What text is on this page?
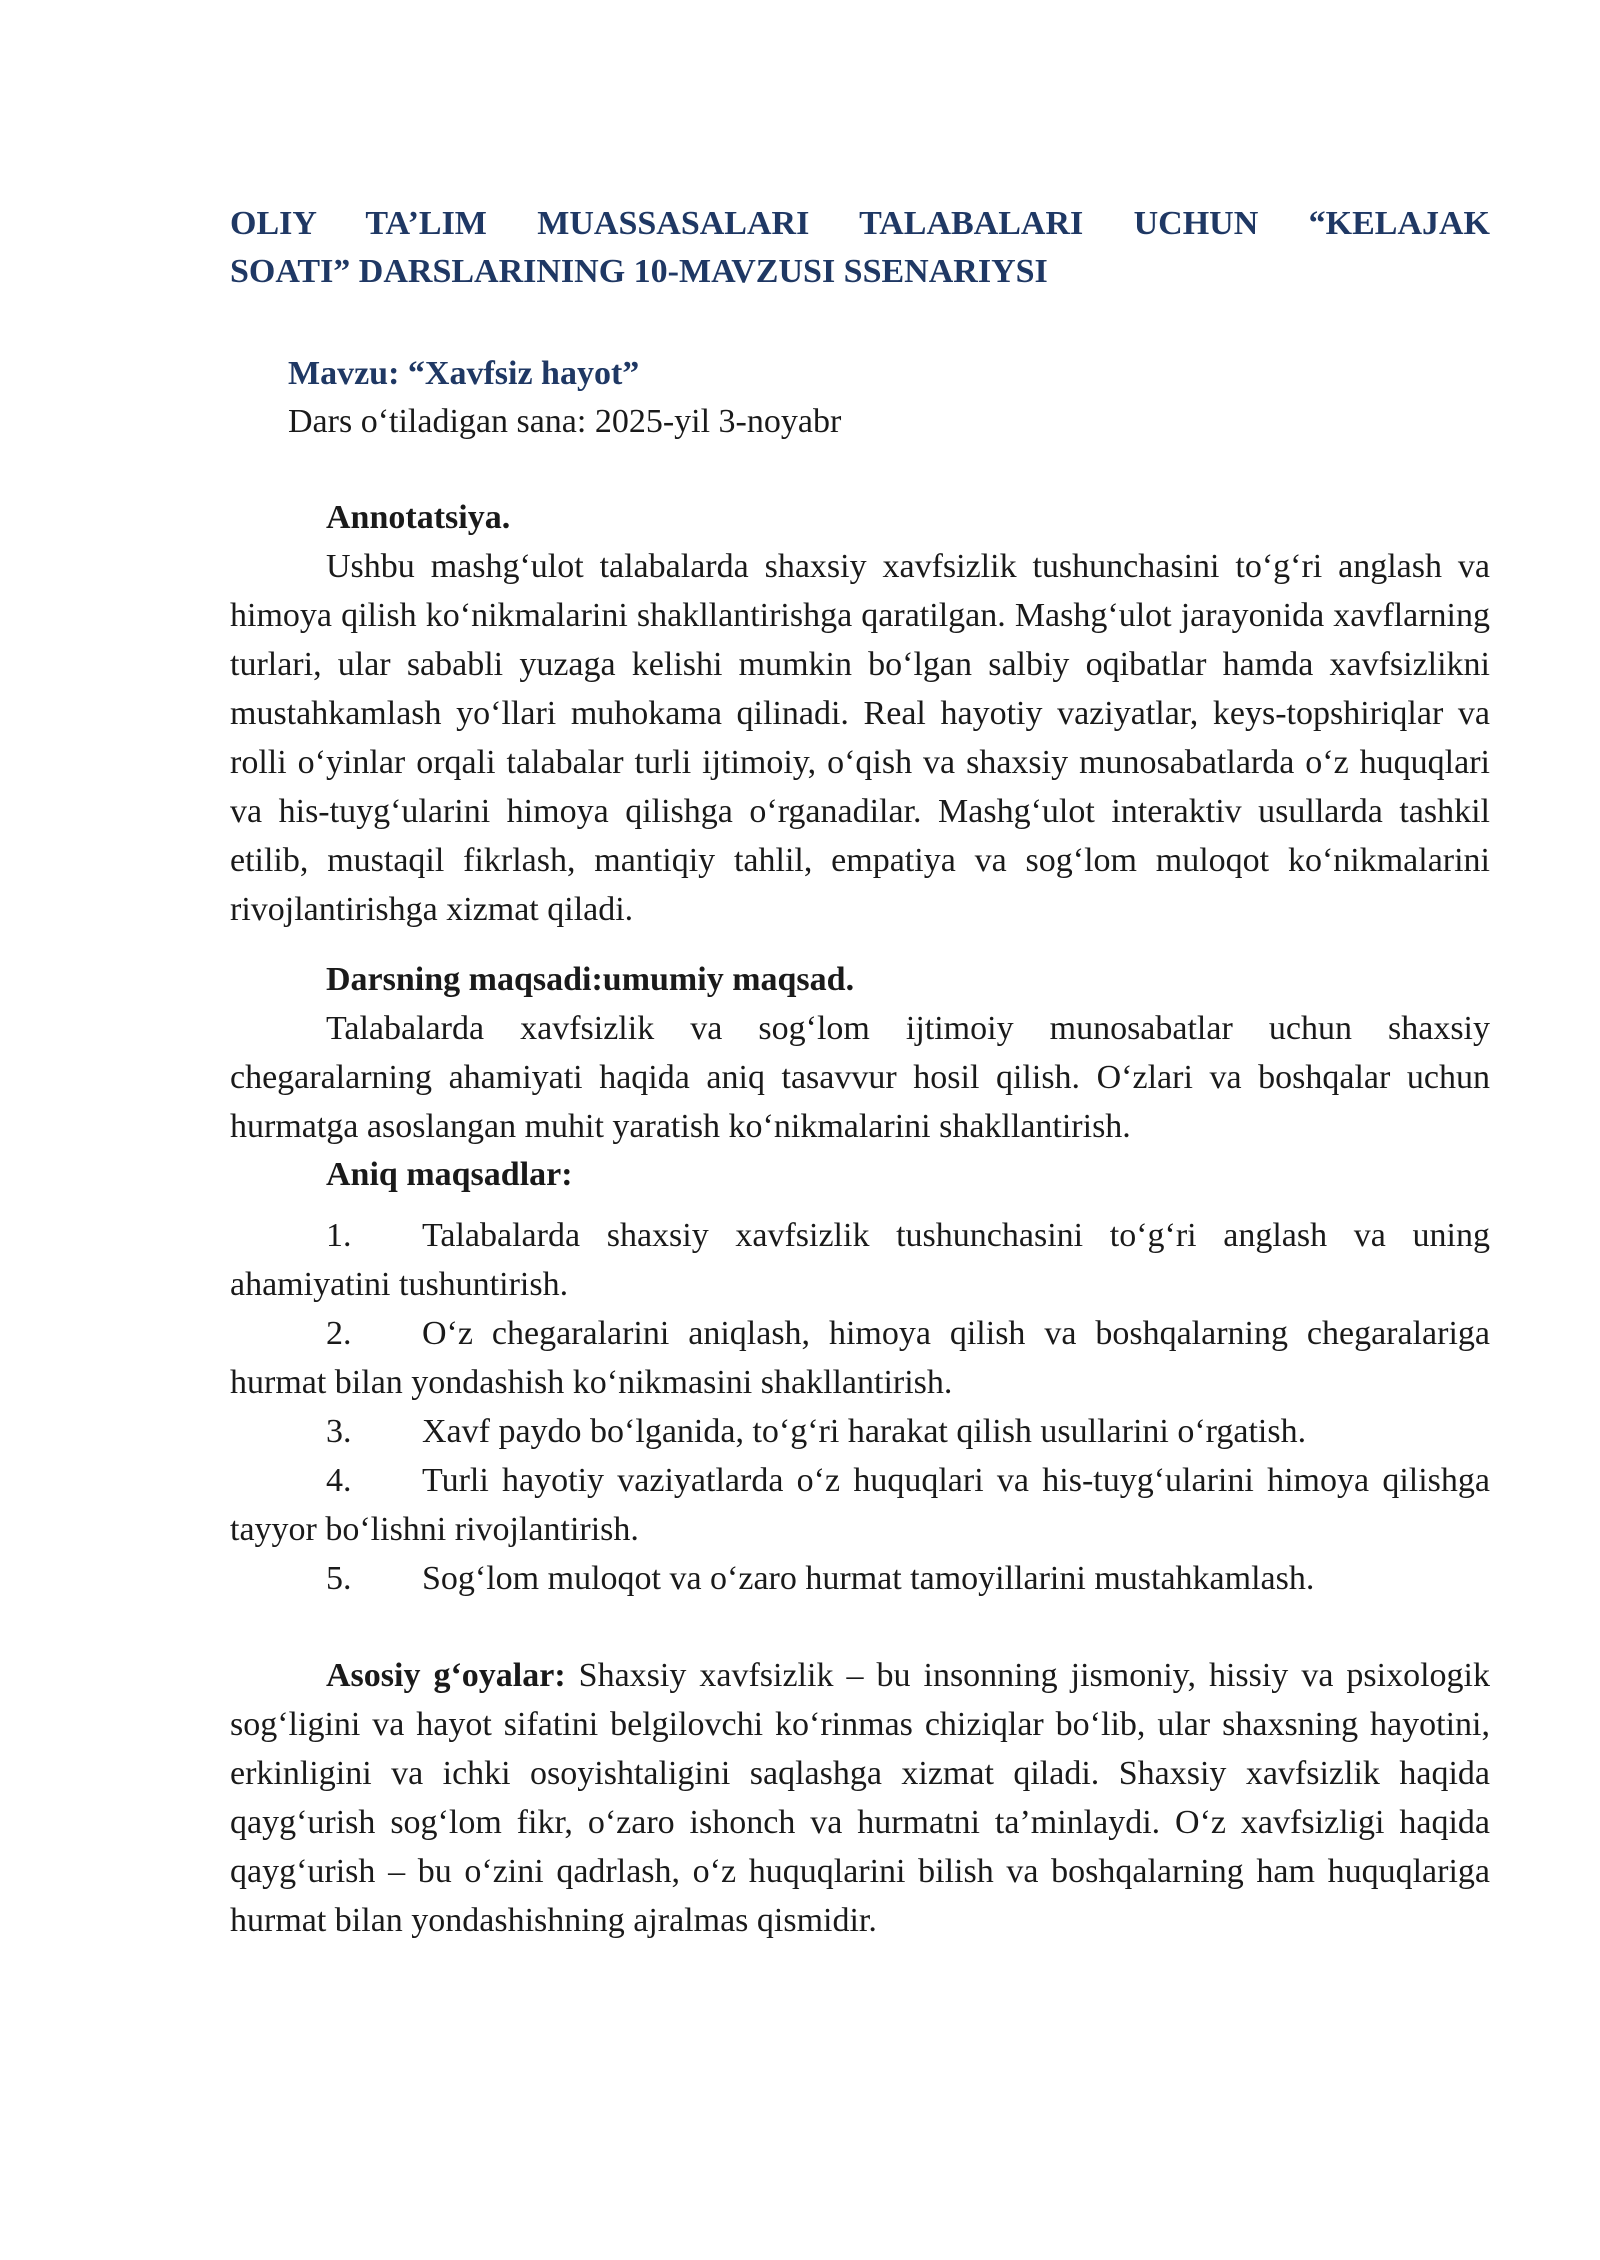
OLIY TA’LIM MUASSASALARI TALABALARI UCHUN “KELAJAK
SOATI” DARSLARINING 10-MAVZUSI SSENARIYSI
Mavzu: “Xavfsiz hayot”
Dars o‘tiladigan sana: 2025-yil 3-noyabr
Annotatsiya.

Ushbu mashg‘ulot talabalarda shaxsiy xavfsizlik tushunchasini to‘g‘ri anglash va himoya qilish ko‘nikmalarini shakllantirishga qaratilgan. Mashg‘ulot jarayonida xavflarning turlari, ular sababli yuzaga kelishi mumkin bo‘lgan salbiy oqibatlar hamda xavfsizlikni mustahkamlash yo‘llari muhokama qilinadi. Real hayotiy vaziyatlar, keys-topshiriqlar va rolli o‘yinlar orqali talabalar turli ijtimoiy, o‘qish va shaxsiy munosabatlarda o‘z huquqlari va his-tuyg‘ularini himoya qilishga o‘rganadilar. Mashg‘ulot interaktiv usullarda tashkil etilib, mustaqil fikrlash, mantiqiy tahlil, empatiya va sog‘lom muloqot ko‘nikmalarini rivojlantirishga xizmat qiladi.

Darsning maqsadi:umumiy maqsad.

Talabalarda xavfsizlik va sog‘lom ijtimoiy munosabatlar uchun shaxsiy chegaralarning ahamiyati haqida aniq tasavvur hosil qilish. O‘zlari va boshqalar uchun hurmatga asoslangan muhit yaratish ko‘nikmalarini shakllantirish.

Aniq maqsadlar:
1. Talabalarda shaxsiy xavfsizlik tushunchasini to‘g‘ri anglash va uning ahamiyatini tushuntirish.
2. O‘z chegaralarini aniqlash, himoya qilish va boshqalarning chegaralariga hurmat bilan yondashish ko‘nikmasini shakllantirish.
3. Xavf paydo bo‘lganida, to‘g‘ri harakat qilish usullarini o‘rgatish.
4. Turli hayotiy vaziyatlarda o‘z huquqlari va his-tuyg‘ularini himoya qilishga tayyor bo‘lishni rivojlantirish.
5. Sog‘lom muloqot va o‘zaro hurmat tamoyillarini mustahkamlash.

Asosiy g‘oyalar: Shaxsiy xavfsizlik – bu insonning jismoniy, hissiy va psixologik sog‘ligini va hayot sifatini belgilovchi ko‘rinmas chiziqlar bo‘lib, ular shaxsning hayotini, erkinligini va ichki osoyishtaligini saqlashga xizmat qiladi. Shaxsiy xavfsizlik haqida qayg‘urish sog‘lom fikr, o‘zaro ishonch va hurmatni ta’minlaydi. O‘z xavfsizligi haqida qayg‘urish – bu o‘zini qadrlash, o‘z huquqlarini bilish va boshqalarning ham huquqlariga hurmat bilan yondashishning ajralmas qismidir.
